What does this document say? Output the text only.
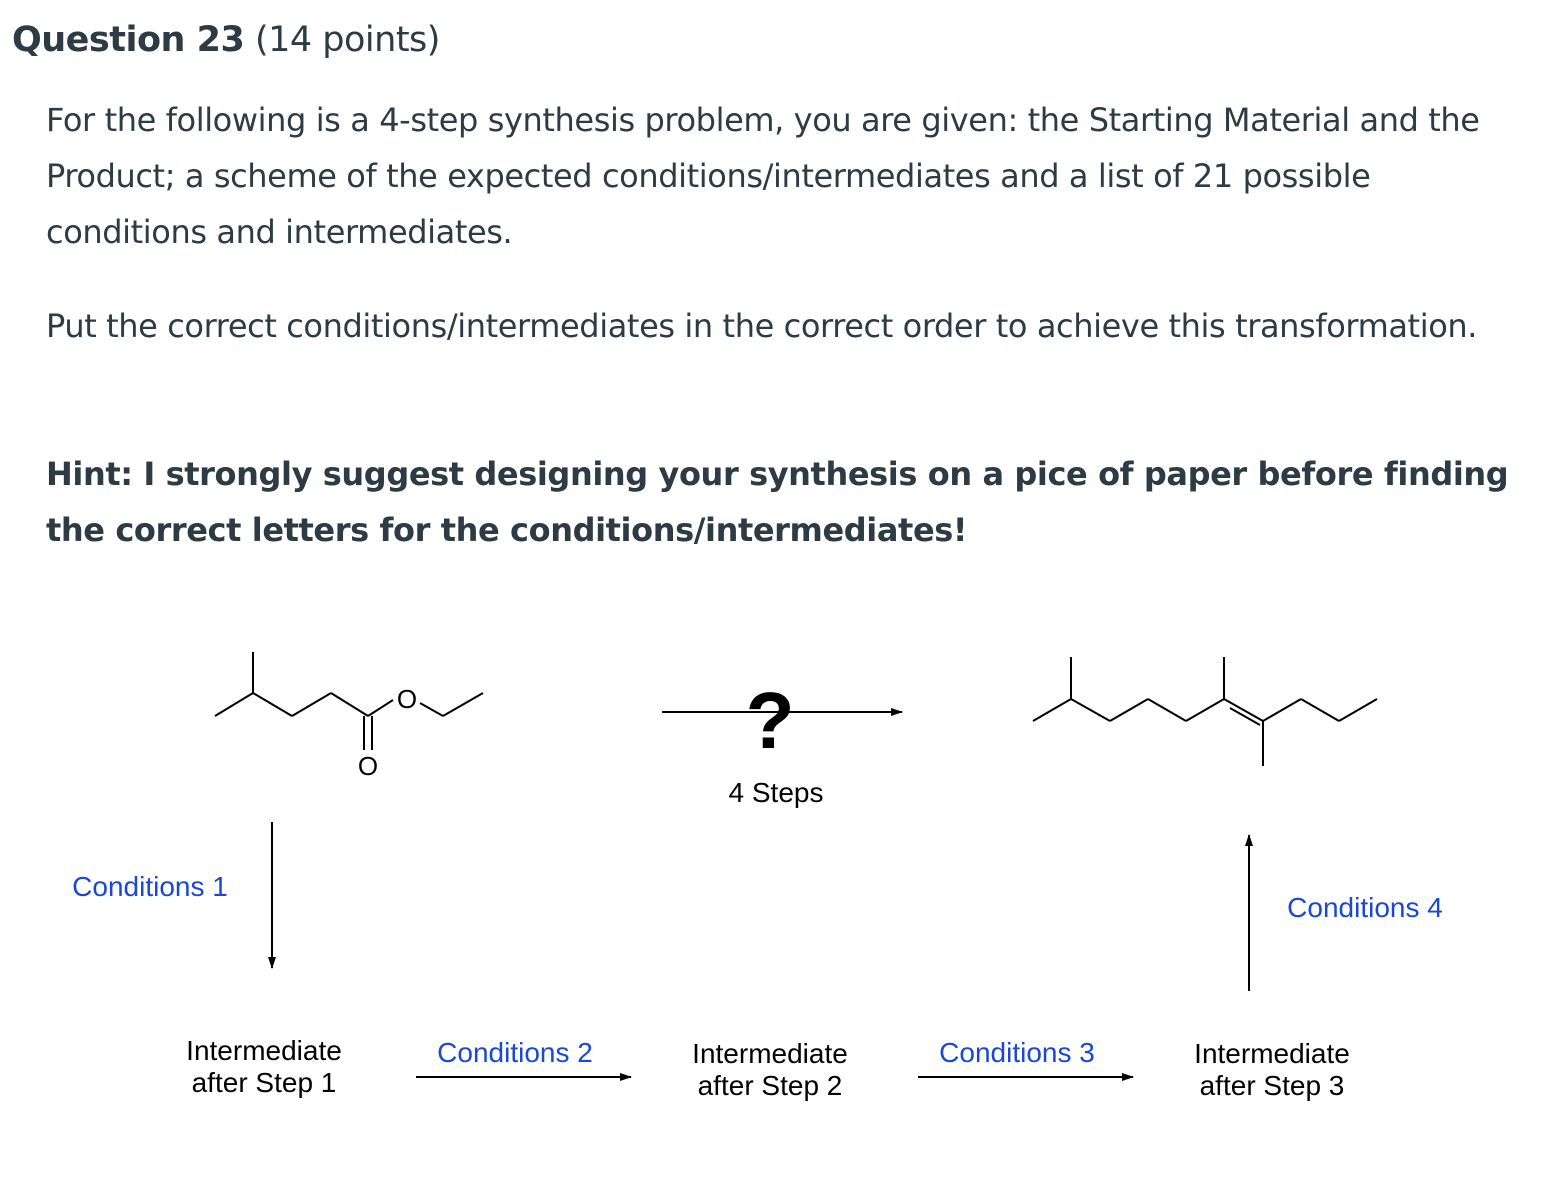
Question 23 (14 points)
For the following is a 4-step synthesis problem, you are given: the Starting Material and the Product; a scheme of the expected conditions/intermediates and a list of 21 possible conditions and intermediates.
Put the correct conditions/intermediates in the correct order to achieve this transformation.
Hint: I strongly suggest designing your synthesis on a pice of paper before finding the correct letters for the conditions/intermediates!
O
O
?
4 Steps
Conditions 1
Intermediate
after Step 1
Conditions 2	Intermediate
after Step 2
Conditions 3	Intermediate
after Step 3
Conditions 4
